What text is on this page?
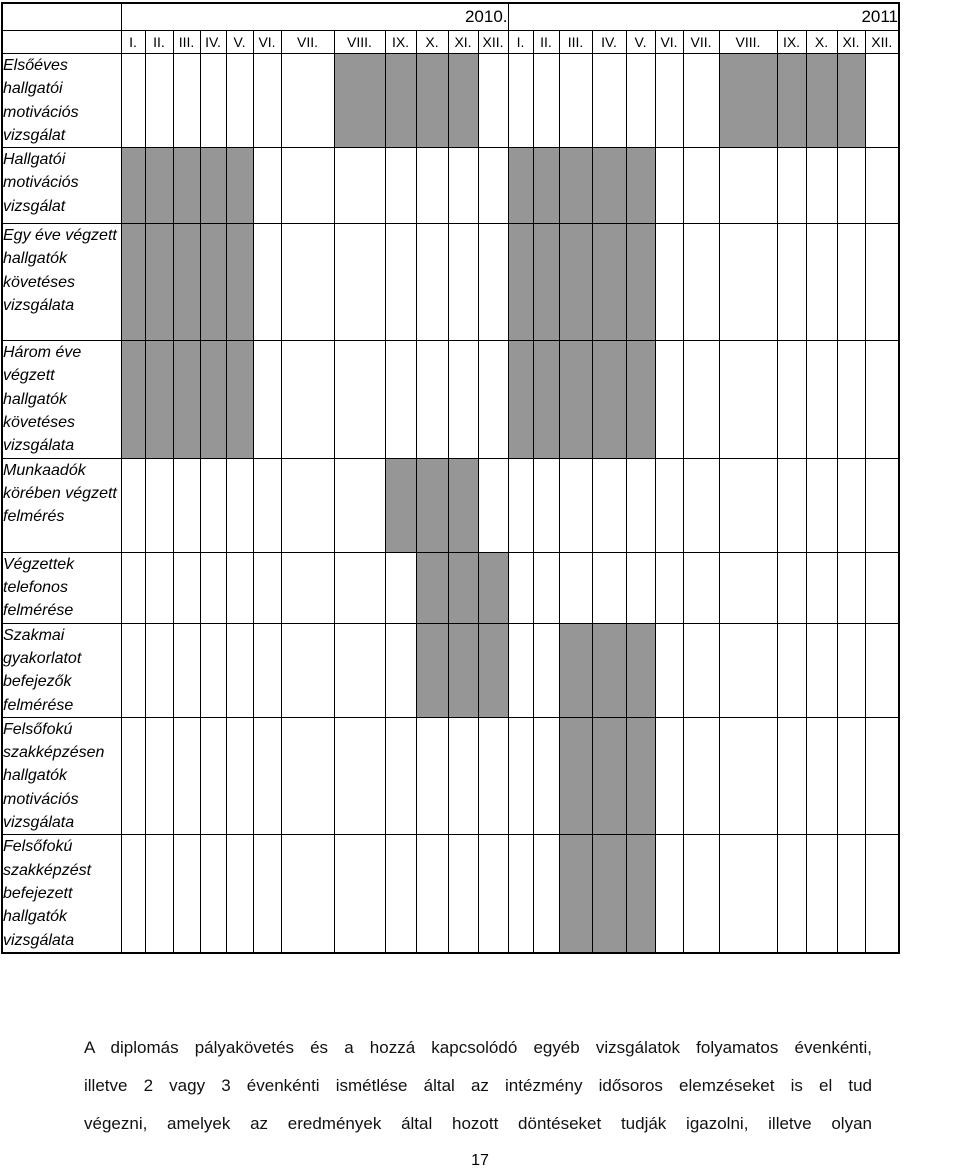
	2010.												2011											
	I.	II.	III.	IV.	V.	VI.	VII.	VIII.	IX.	X.	XI.	XII.	I.	II.	III.	IV.	V.	VI.	VII.	VIII.	IX.	X.	XI.	XII.
Elsőéves hallgatói motivációs vizsgálat																								
Hallgatói motivációs vizsgálat																								
Egy éve végzett hallgatók követéses vizsgálata																								
Három éve végzett hallgatók követéses vizsgálata																								
Munkaadók körében végzett felmérés																								
Végzettek telefonos felmérése																								
Szakmai gyakorlatot befejezők felmérése																								
Felsőfokú szakképzésen hallgatók motivációs vizsgálata																								
Felsőfokú szakképzést befejezett hallgatók vizsgálata																								
A diplomás pályakövetés és a hozzá kapcsolódó egyéb vizsgálatok folyamatos évenkénti,
illetve 2 vagy 3 évenkénti ismétlése által az intézmény idősoros elemzéseket is el tud
végezni, amelyek az eredmények által hozott döntéseket tudják igazolni, illetve olyan
17
